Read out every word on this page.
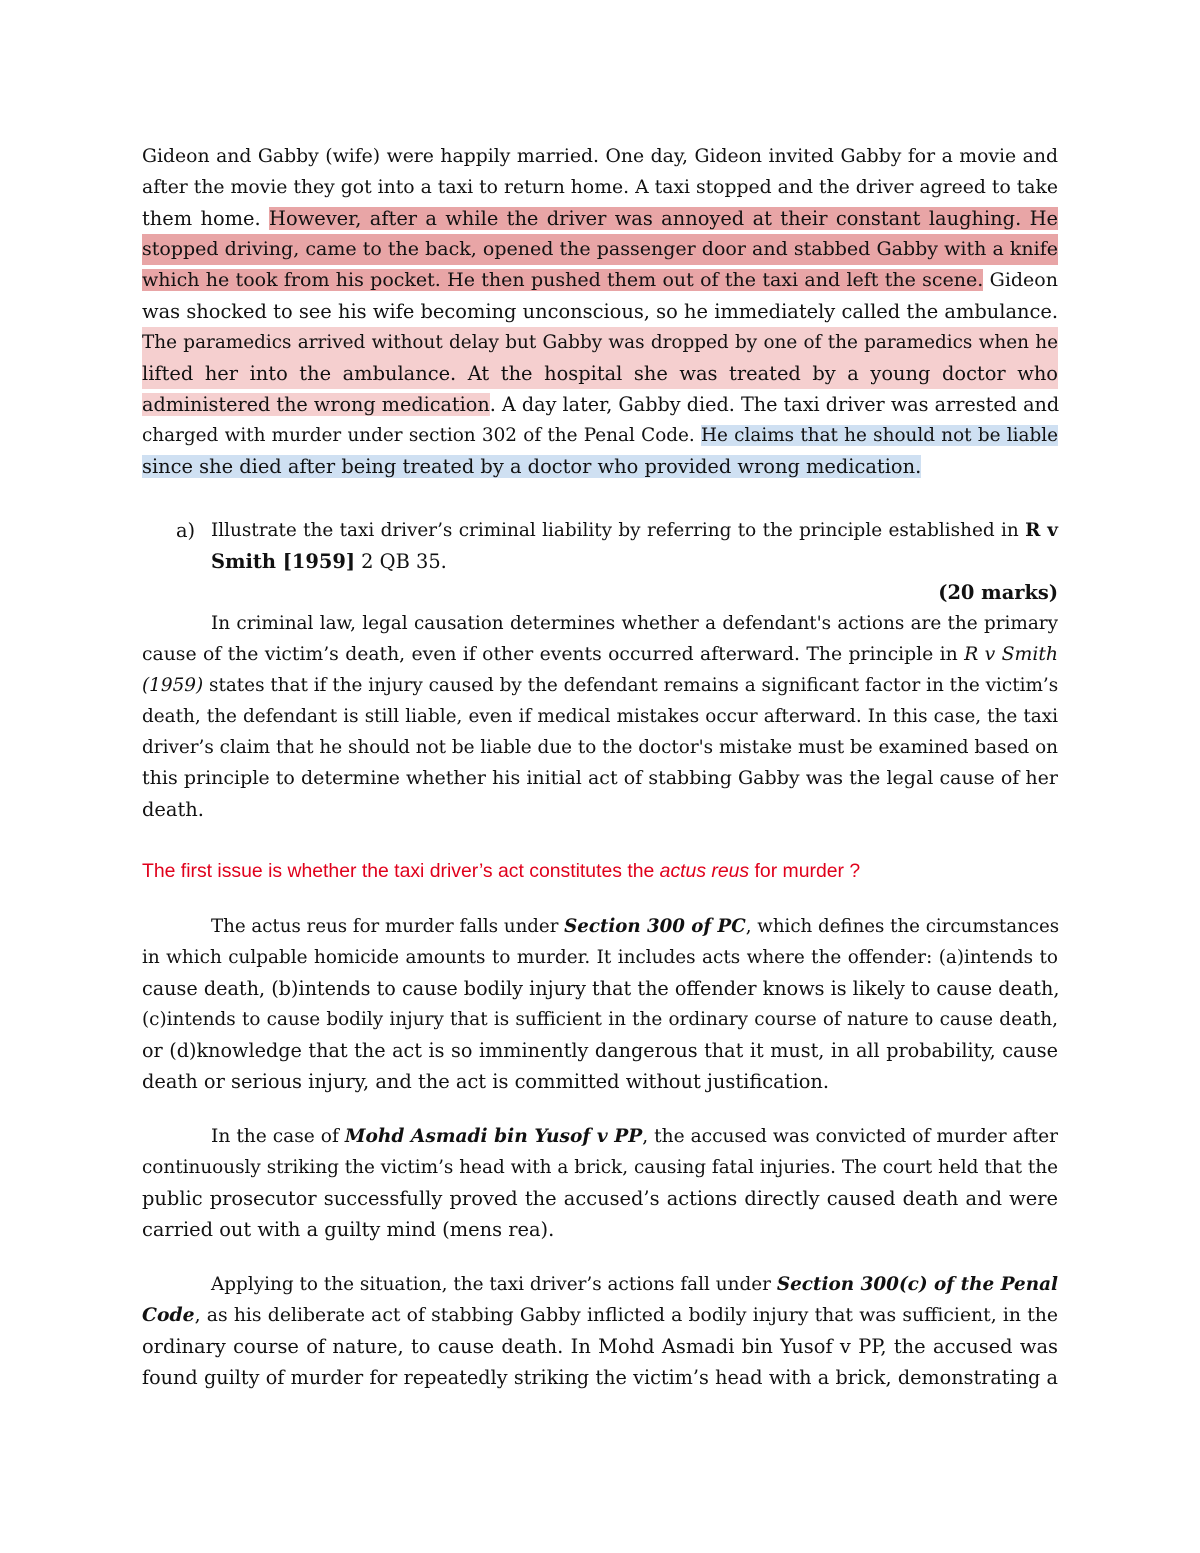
Gideon and Gabby (wife) were happily married. One day, Gideon invited Gabby for a movie and
after the movie they got into a taxi to return home. A taxi stopped and the driver agreed to take
them home. However, after a while the driver was annoyed at their constant laughing. He
stopped driving, came to the back, opened the passenger door and stabbed Gabby with a knife
which he took from his pocket. He then pushed them out of the taxi and left the scene. Gideon
was shocked to see his wife becoming unconscious, so he immediately called the ambulance.
The paramedics arrived without delay but Gabby was dropped by one of the paramedics when he
lifted her into the ambulance. At the hospital she was treated by a young doctor who
administered the wrong medication. A day later, Gabby died. The taxi driver was arrested and
charged with murder under section 302 of the Penal Code. He claims that he should not be liable
since she died after being treated by a doctor who provided wrong medication.
a) Illustrate the taxi driver’s criminal liability by referring to the principle established in R v
Smith [1959] 2 QB 35.
(20 marks)
In criminal law, legal causation determines whether a defendant's actions are the primary
cause of the victim’s death, even if other events occurred afterward. The principle in R v Smith
(1959) states that if the injury caused by the defendant remains a significant factor in the victim’s
death, the defendant is still liable, even if medical mistakes occur afterward. In this case, the taxi
driver’s claim that he should not be liable due to the doctor's mistake must be examined based on
this principle to determine whether his initial act of stabbing Gabby was the legal cause of her
death.
The first issue is whether the taxi driver’s act constitutes the actus reus for murder ?
The actus reus for murder falls under Section 300 of PC, which defines the circumstances
in which culpable homicide amounts to murder. It includes acts where the offender: (a)intends to
cause death, (b)intends to cause bodily injury that the offender knows is likely to cause death,
(c)intends to cause bodily injury that is sufficient in the ordinary course of nature to cause death,
or (d)knowledge that the act is so imminently dangerous that it must, in all probability, cause
death or serious injury, and the act is committed without justification.
In the case of Mohd Asmadi bin Yusof v PP, the accused was convicted of murder after
continuously striking the victim’s head with a brick, causing fatal injuries. The court held that the
public prosecutor successfully proved the accused’s actions directly caused death and were
carried out with a guilty mind (mens rea).
Applying to the situation, the taxi driver’s actions fall under Section 300(c) of the Penal
Code, as his deliberate act of stabbing Gabby inflicted a bodily injury that was sufficient, in the
ordinary course of nature, to cause death. In Mohd Asmadi bin Yusof v PP, the accused was
found guilty of murder for repeatedly striking the victim’s head with a brick, demonstrating a
